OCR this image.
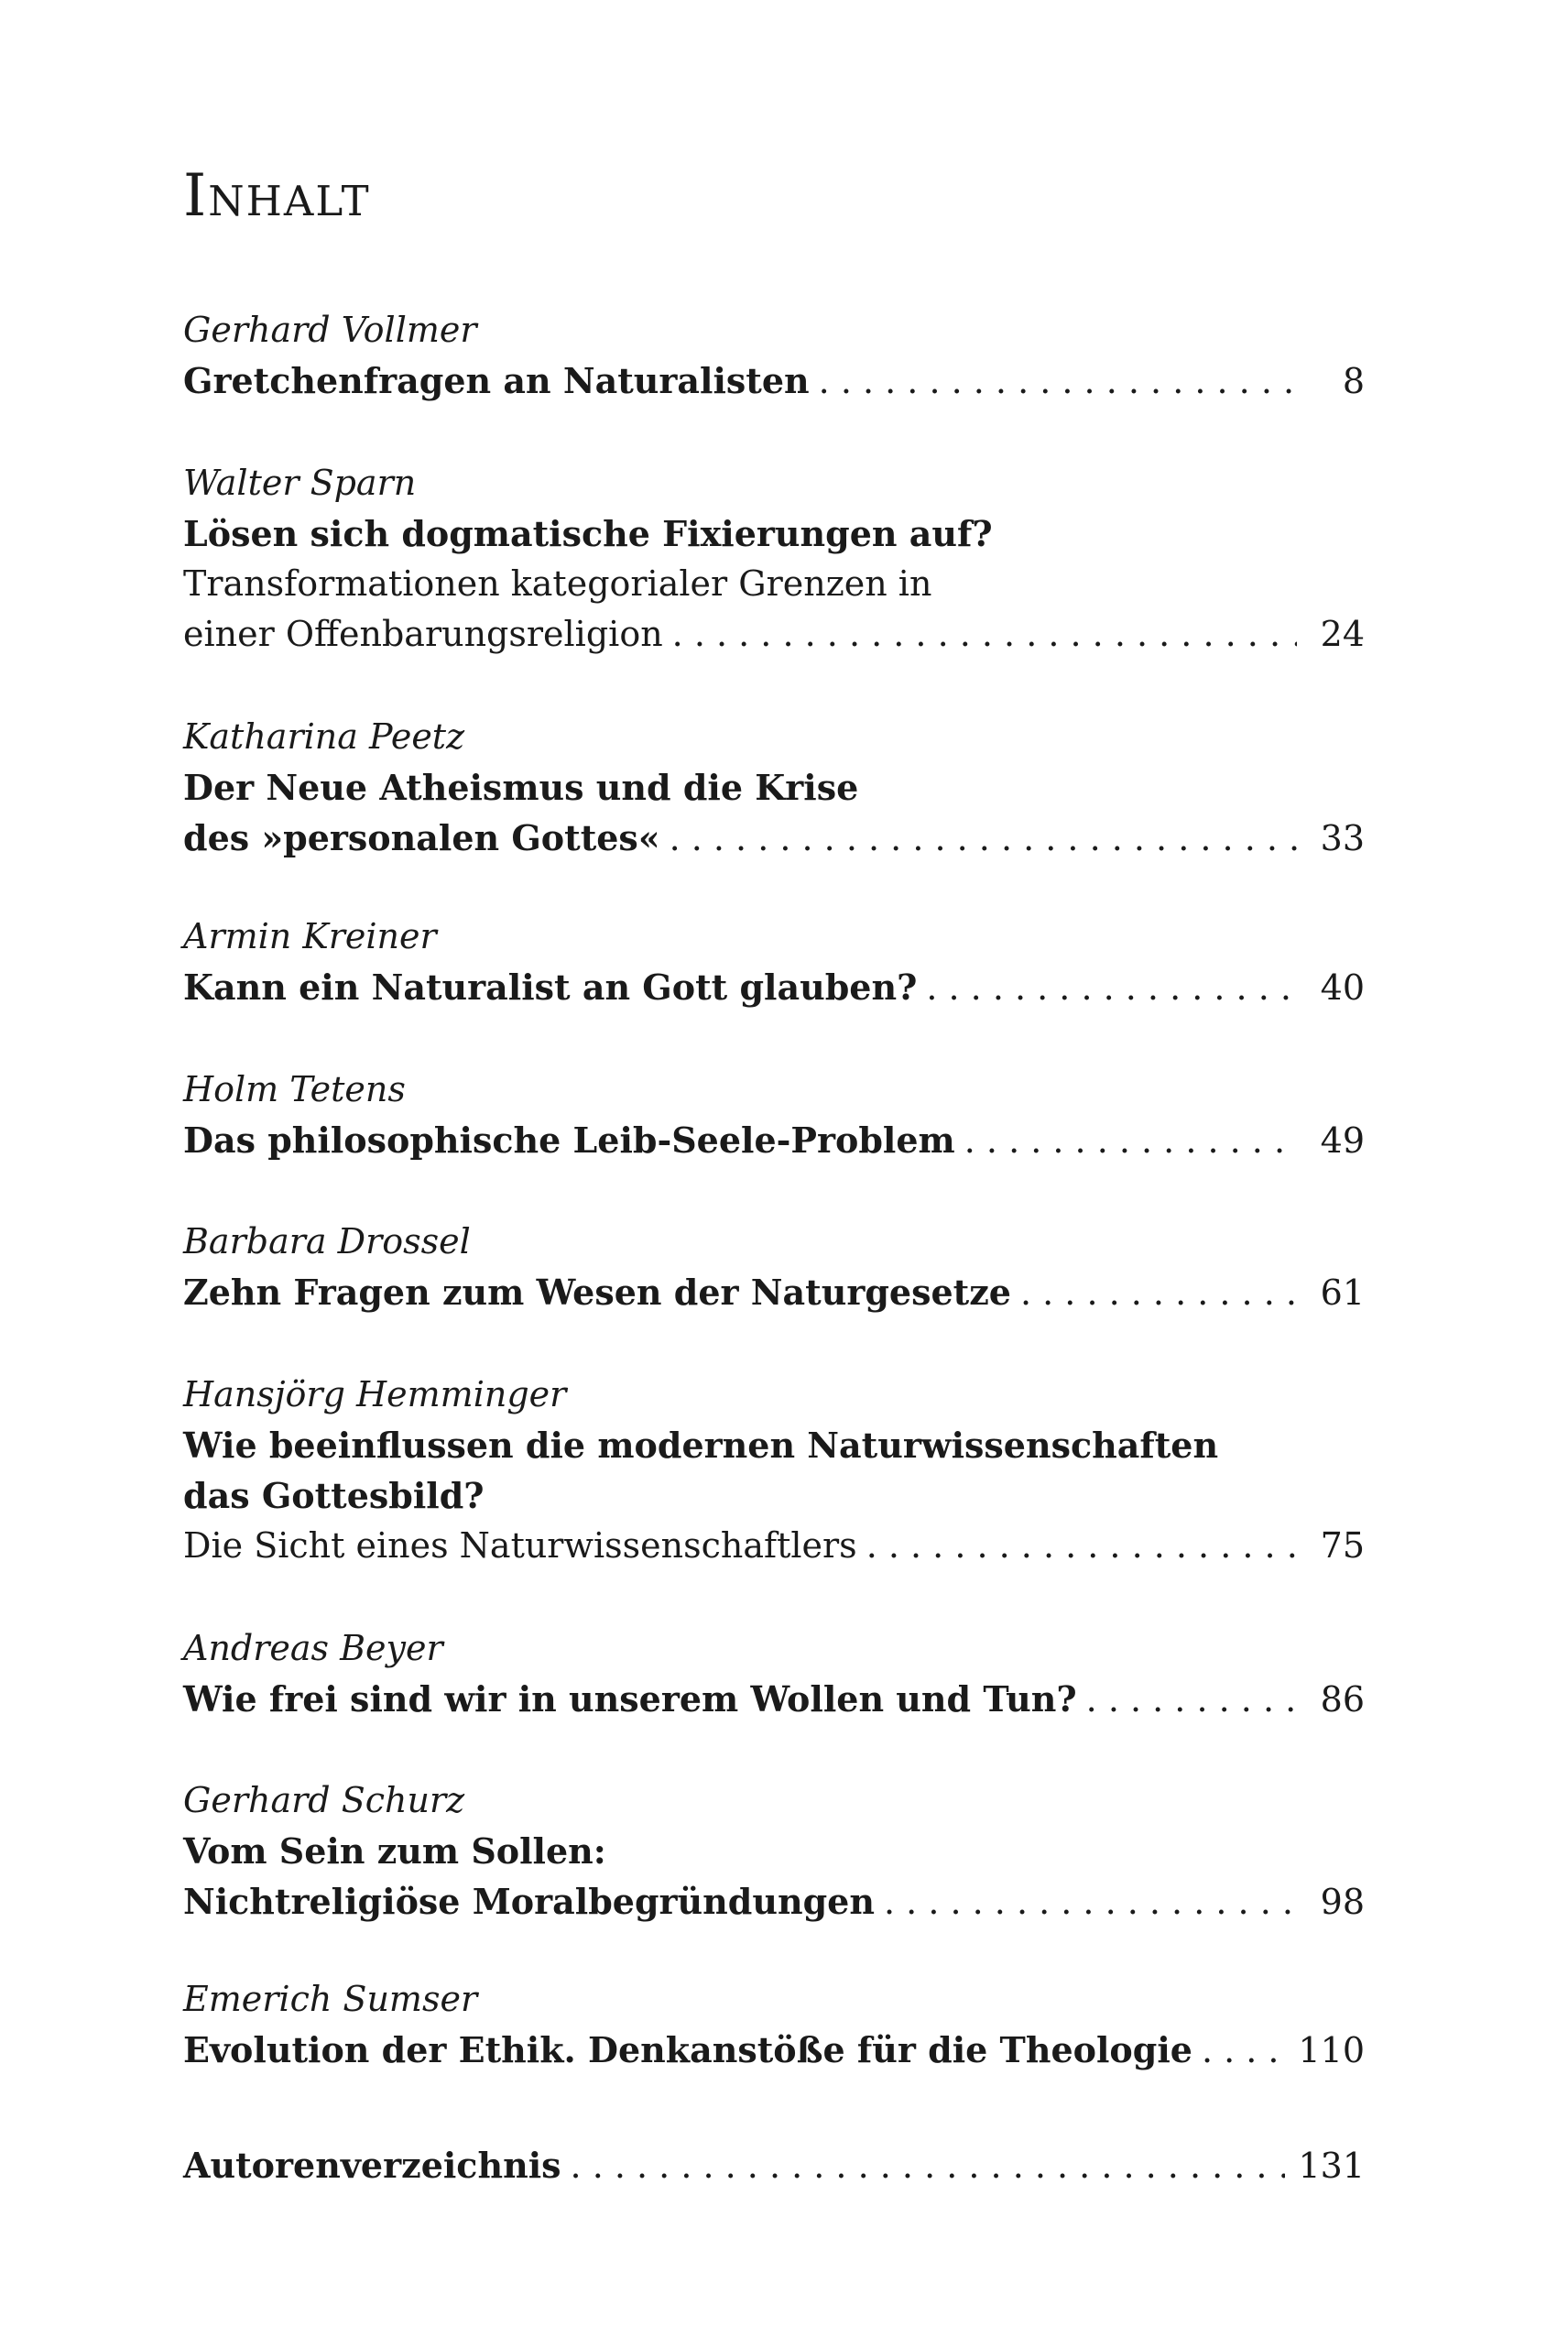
Inhalt
Gerhard Vollmer
Gretchenfragen an Naturalisten . . .	8
Walter Sparn
Lösen sich dogmatische Fixierungen auf?
Transformationen kategorialer Grenzen in
einer Offenbarungsreligion . . .	24
Katharina Peetz
Der Neue Atheismus und die Krise
des »personalen Gottes« . . .	33
Armin Kreiner
Kann ein Naturalist an Gott glauben? . . .	40
Holm Tetens
Das philosophische Leib-Seele-Problem . . .	49
Barbara Drossel
Zehn Fragen zum Wesen der Naturgesetze . . .	61
Hansjörg Hemminger
Wie beeinflussen die modernen Naturwissenschaften
das Gottesbild?
Die Sicht eines Naturwissenschaftlers . . .	75
Andreas Beyer
Wie frei sind wir in unserem Wollen und Tun? . . .	86
Gerhard Schurz
Vom Sein zum Sollen:
Nichtreligiöse Moralbegründungen . . .	98
Emerich Sumser
Evolution der Ethik. Denkanstöße für die Theologie . . .	110
Autorenverzeichnis . . .	131
